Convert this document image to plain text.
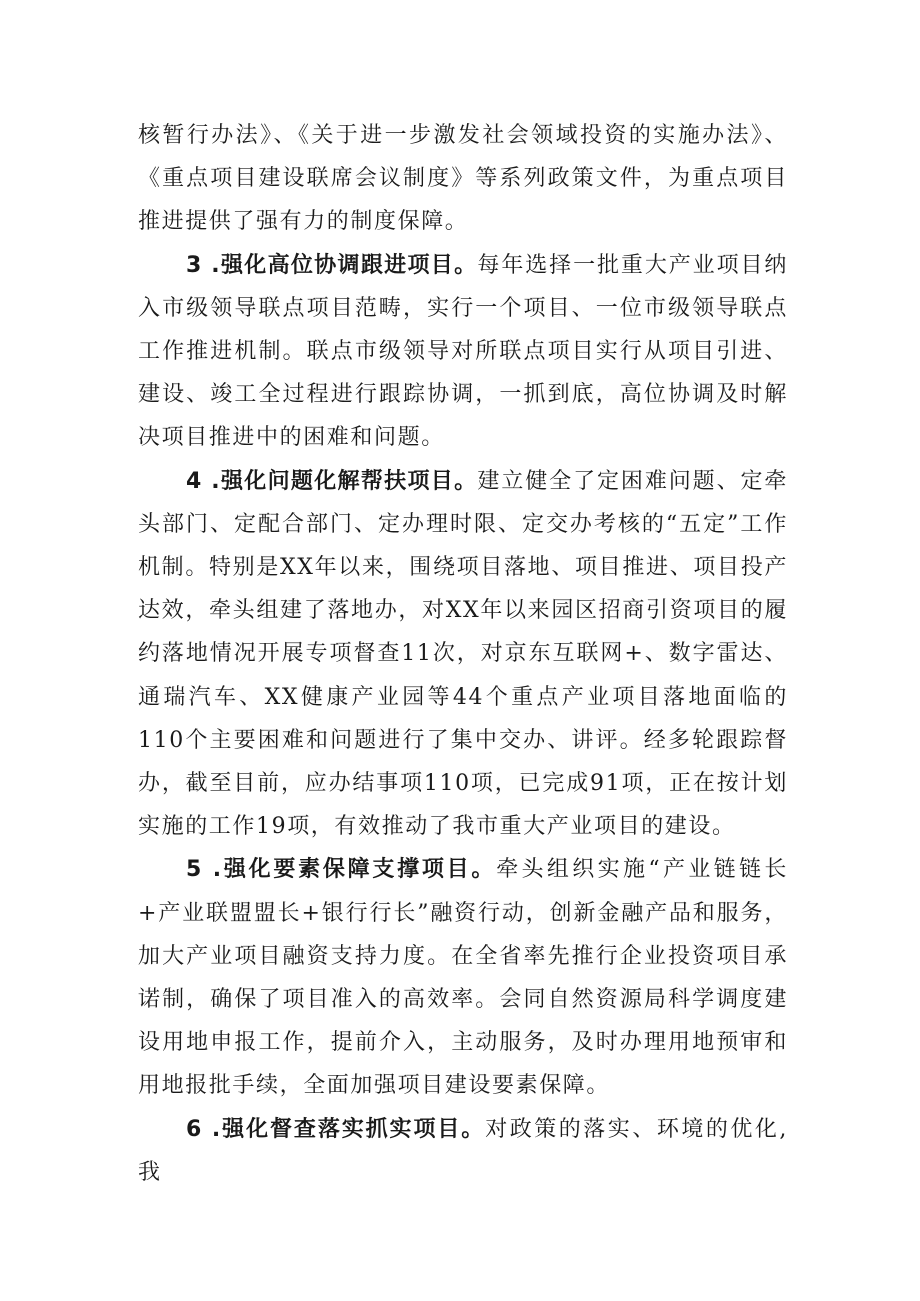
核暂行办法》、《关于进一步激发社会领域投资的实施办法》、《重点项目建设联席会议制度》等系列政策文件，为重点项目推进提供了强有力的制度保障。

3 .强化高位协调跟进项目。每年选择一批重大产业项目纳入市级领导联点项目范畴，实行一个项目、一位市级领导联点工作推进机制。联点市级领导对所联点项目实行从项目引进、建设、竣工全过程进行跟踪协调，一抓到底，高位协调及时解决项目推进中的困难和问题。

4 .强化问题化解帮扶项目。建立健全了定困难问题、定牵头部门、定配合部门、定办理时限、定交办考核的“五定”工作机制。特别是XX年以来，围绕项目落地、项目推进、项目投产达效，牵头组建了落地办，对XX年以来园区招商引资项目的履约落地情况开展专项督查11次，对京东互联网+、数字雷达、通瑞汽车、XX健康产业园等44个重点产业项目落地面临的110个主要困难和问题进行了集中交办、讲评。经多轮跟踪督办，截至目前，应办结事项110项，已完成91项，正在按计划实施的工作19项，有效推动了我市重大产业项目的建设。

5 .强化要素保障支撑项目。牵头组织实施“产业链链长+产业联盟盟长+银行行长”融资行动，创新金融产品和服务，加大产业项目融资支持力度。在全省率先推行企业投资项目承诺制，确保了项目准入的高效率。会同自然资源局科学调度建设用地申报工作，提前介入，主动服务，及时办理用地预审和用地报批手续，全面加强项目建设要素保障。

6 .强化督查落实抓实项目。对政策的落实、环境的优化,我
